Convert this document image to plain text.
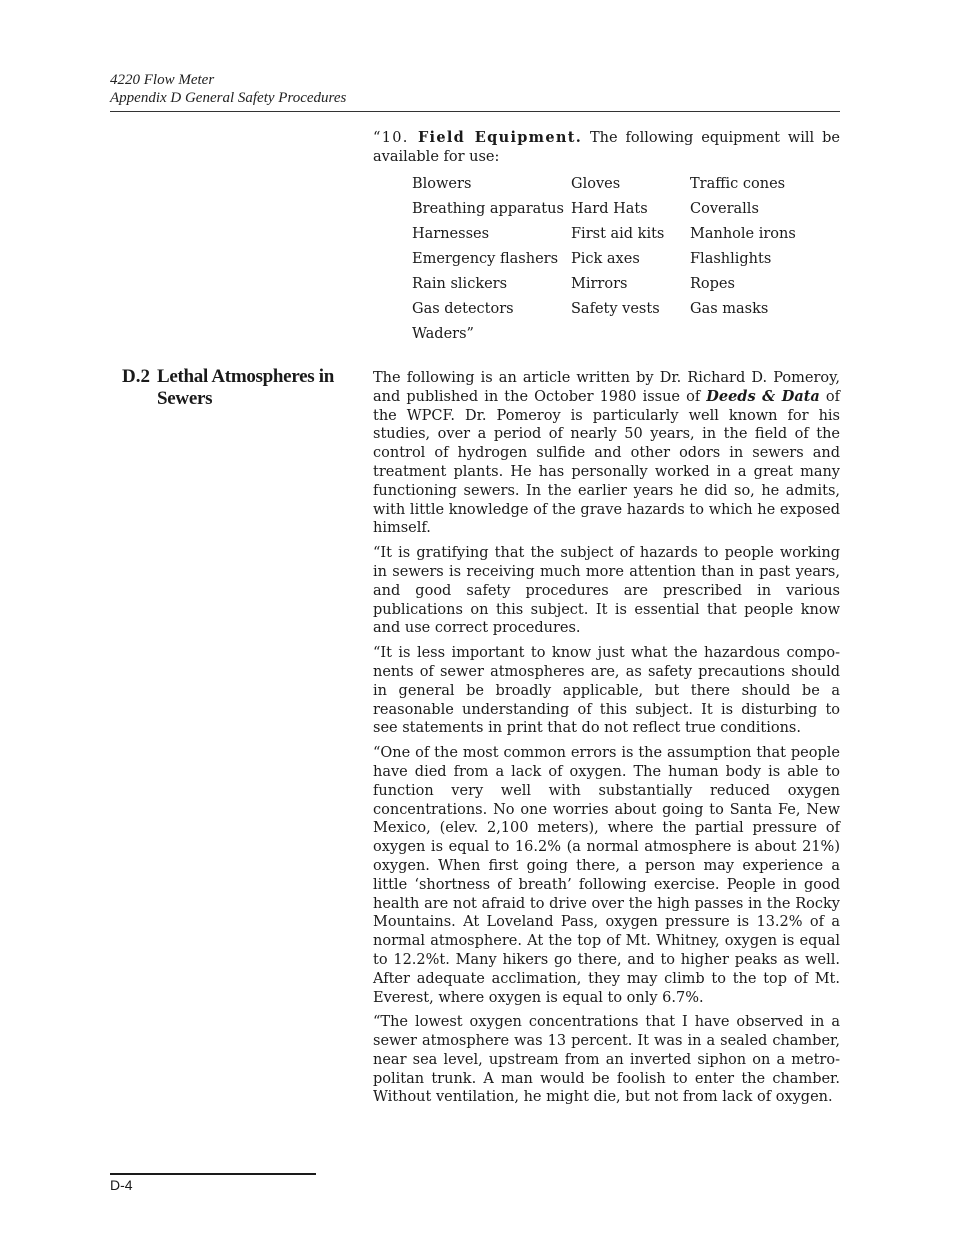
4220 Flow Meter
Appendix D General Safety Procedures
“10. Field Equipment. The following equipment will be available for use:
Blowers	Gloves	Traffic cones
Breathing apparatus	Hard Hats	Coveralls
Harnesses	First aid kits	Manhole irons
Emergency flashers	Pick axes	Flashlights
Rain slickers	Mirrors	Ropes
Gas detectors	Safety vests	Gas masks
Waders”		
D.2 Lethal Atmospheres in Sewers

The following is an article written by Dr. Richard D. Pomeroy, and published in the October 1980 issue of Deeds & Data of the WPCF. Dr. Pomeroy is particularly well known for his studies, over a period of nearly 50 years, in the field of the control of hydrogen sulfide and other odors in sewers and treatment plants. He has personally worked in a great many functioning sewers. In the earlier years he did so, he admits, with little knowledge of the grave hazards to which he exposed himself.

“It is gratifying that the subject of hazards to people working in sewers is receiving much more attention than in past years, and good safety procedures are prescribed in various publications on this subject. It is essential that people know and use correct procedures.

“It is less important to know just what the hazardous components of sewer atmospheres are, as safety precautions should in general be broadly applicable, but there should be a reasonable understanding of this subject. It is disturbing to see statements in print that do not reflect true conditions.

“One of the most common errors is the assumption that people have died from a lack of oxygen. The human body is able to function very well with substantially reduced oxygen concentrations. No one worries about going to Santa Fe, New Mexico, (elev. 2,100 meters), where the partial pressure of oxygen is equal to 16.2% (a normal atmosphere is about 21%) oxygen. When first going there, a person may experience a little ‘shortness of breath’ following exercise. People in good health are not afraid to drive over the high passes in the Rocky Mountains. At Loveland Pass, oxygen pressure is 13.2% of a normal atmosphere. At the top of Mt. Whitney, oxygen is equal to 12.2%t. Many hikers go there, and to higher peaks as well. After adequate acclimation, they may climb to the top of Mt. Everest, where oxygen is equal to only 6.7%.

“The lowest oxygen concentrations that I have observed in a sewer atmosphere was 13 percent. It was in a sealed chamber, near sea level, upstream from an inverted siphon on a metropolitan trunk. A man would be foolish to enter the chamber. Without ventilation, he might die, but not from lack of oxygen.

D-4
